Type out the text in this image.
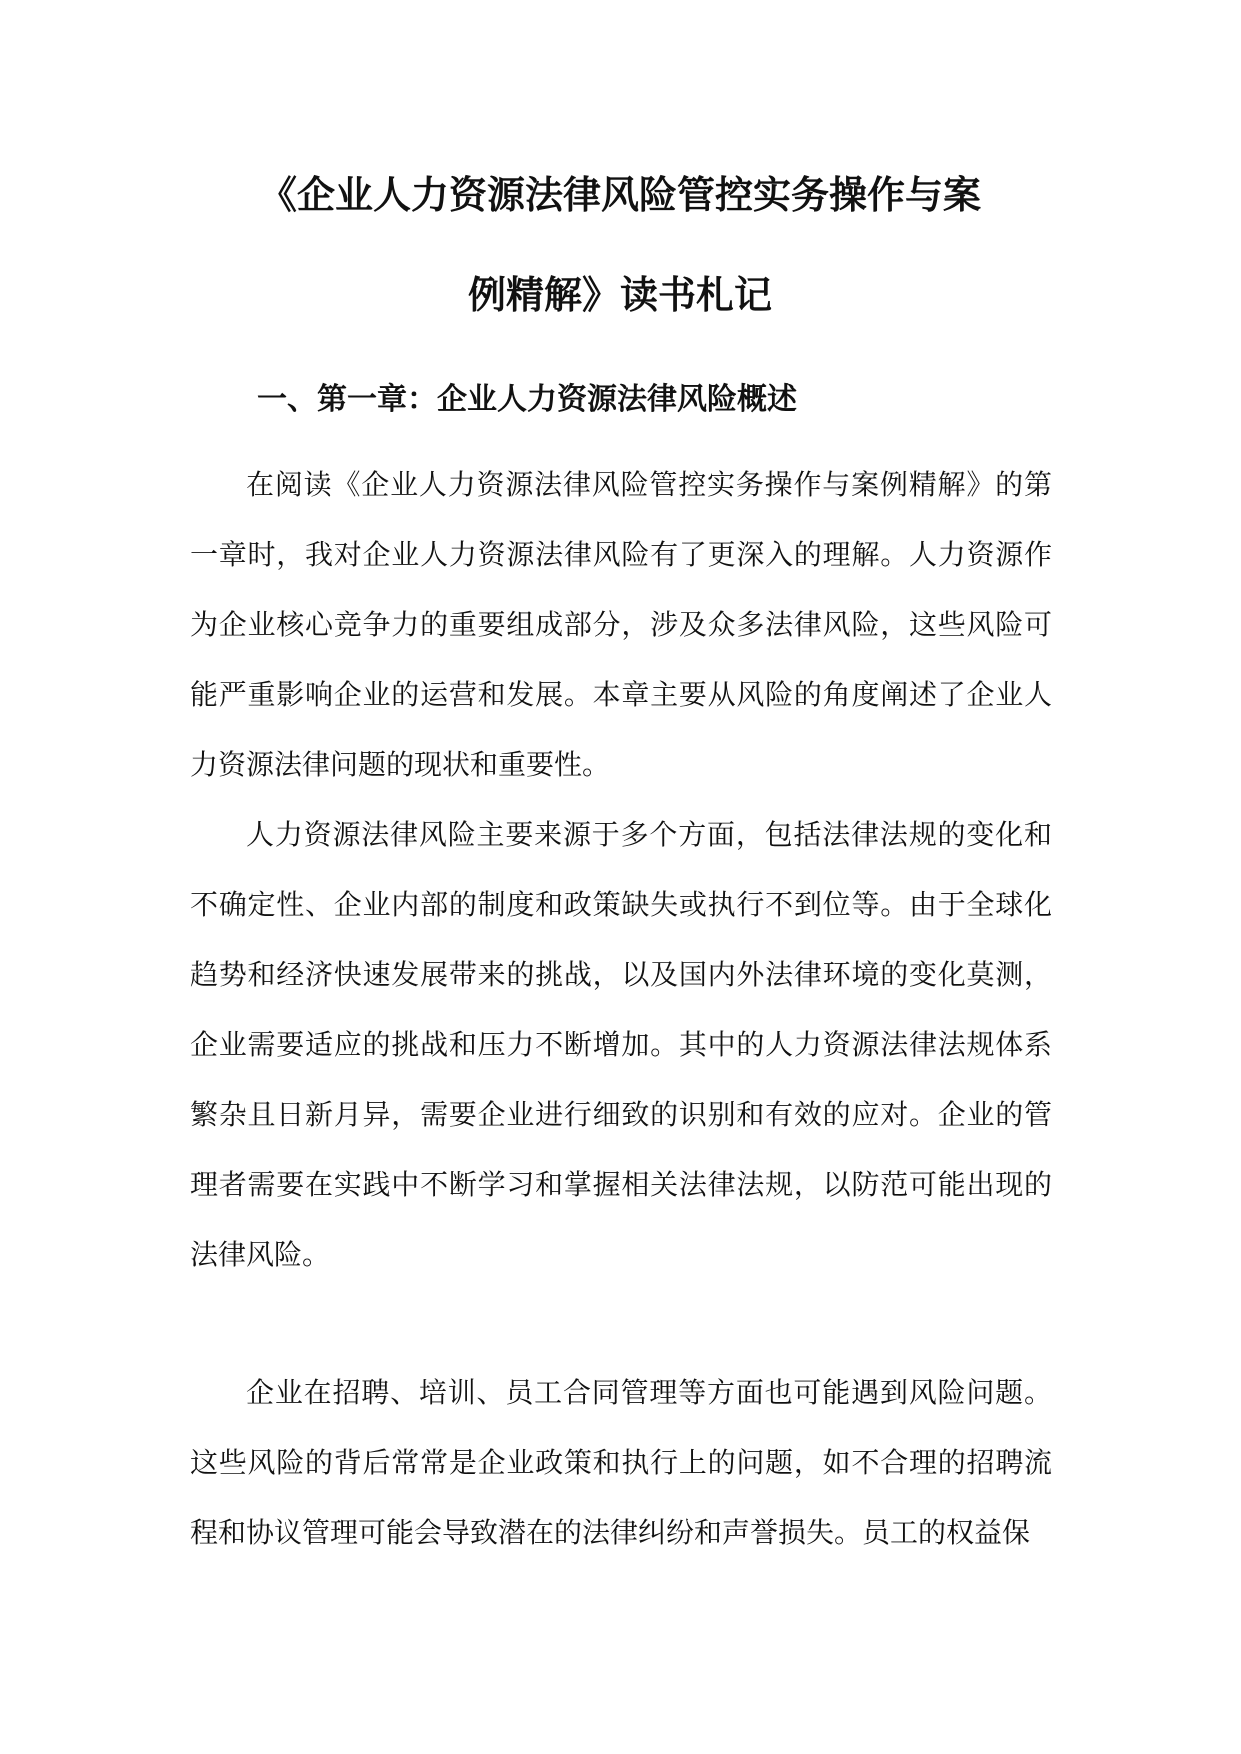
《企业人力资源法律风险管控实务操作与案
例精解》读书札记
一、第一章：企业人力资源法律风险概述

在阅读《企业人力资源法律风险管控实务操作与案例精解》的第一章时，我对企业人力资源法律风险有了更深入的理解。人力资源作为企业核心竞争力的重要组成部分，涉及众多法律风险，这些风险可能严重影响企业的运营和发展。本章主要从风险的角度阐述了企业人力资源法律问题的现状和重要性。

人力资源法律风险主要来源于多个方面，包括法律法规的变化和不确定性、企业内部的制度和政策缺失或执行不到位等。由于全球化趋势和经济快速发展带来的挑战，以及国内外法律环境的变化莫测，企业需要适应的挑战和压力不断增加。其中的人力资源法律法规体系繁杂且日新月异，需要企业进行细致的识别和有效的应对。企业的管理者需要在实践中不断学习和掌握相关法律法规，以防范可能出现的法律风险。

企业在招聘、培训、员工合同管理等方面也可能遇到风险问题。这些风险的背后常常是企业政策和执行上的问题，如不合理的招聘流程和协议管理可能会导致潜在的法律纠纷和声誉损失。员工的权益保
